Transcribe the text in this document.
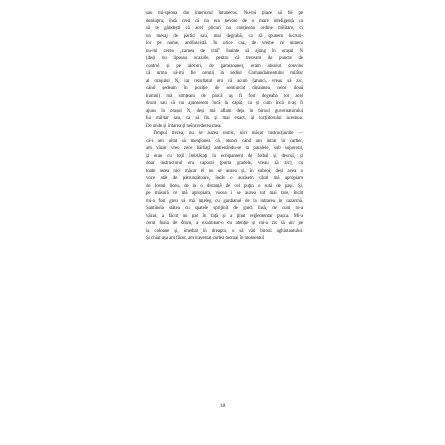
sau mi-spiona din interiorul întunecos. Nu-mi place să fie pe
deasupra, însă cred că nu era nevoie de o mare inteligență ca
să te gândești că acel plicuri nu conțineau ordine militare, ci
un mesaj de partid sau, mai degrabă, ca să spunem lucruri-
lor pe nume, antifascistă. În orice caz, de vreme ce nimeni
nu-mi cerea „carnea de vită” înainte să ajung în orașul N
(deși nu lipseau ocaziile, pentru că treceam de puncte de
control și pe alocuri, de garnizoane), eram absolut convins
că urma să-mi fie cerută la sediul Comandamentului militar
al orașului N, iar rezultatul era că acum (atunci, vreau să zic,
când ședeam în poziție de semiurcat dinaintea celor două
lumini) mă simțeam de parcă aș fi fost degeaba tot acel
drum sau că nu ajunsesem încă la capăt, ca și cum încă n-aș fi
ajuns în orașul N, deși mă aflam deja în biroul guvernatorului
lui militar sau, ca să fiu și mai exact, al locțiitorului acestuia.
De unde și iritarea și neîncrederea mea.
Timpul trecea, nu se auzea nimic, nici măcar instrucțiunile —
că-i am uitat să menționez că, atunci când am intrat în cartier,
am văzut vreo zece bărbați antrenându-se la paralele, sub soporom,
și erau cu toții îmbrăcați în echipament de fotbal și descul, și
doar instructorul era caporal (purta gradele, vreau să zic), cu
toate astea nici măcar el nu se auzea și, în subsol, deși avea o
voce atât de pătrunzătoare, încât o auzisem când mă apropiam
de fostul liceu, de la o distanță de cel puțin o sută de pași. Și,
pe măsură ce mă apropiam, vocea i se auzea tot mai tare, încât
mi-a fost greu să mă înțeleg cu gardianul de la intrarea în cazarmă.
Santinela stătea cu spatele sprijinit de gard, însă, de cum m-a
văzut, a făcut un pas în față și a ținut reglementar pușca. Mi-a
cerut foaia de drum, a examinat-o cu atenție și mi-a zis să urc pe
la coloane și, imediat în dreapta, o să văd biroul aghiotantului.
Și chiar așa am făcut, am traversat curtea tocmai în momentul
18
